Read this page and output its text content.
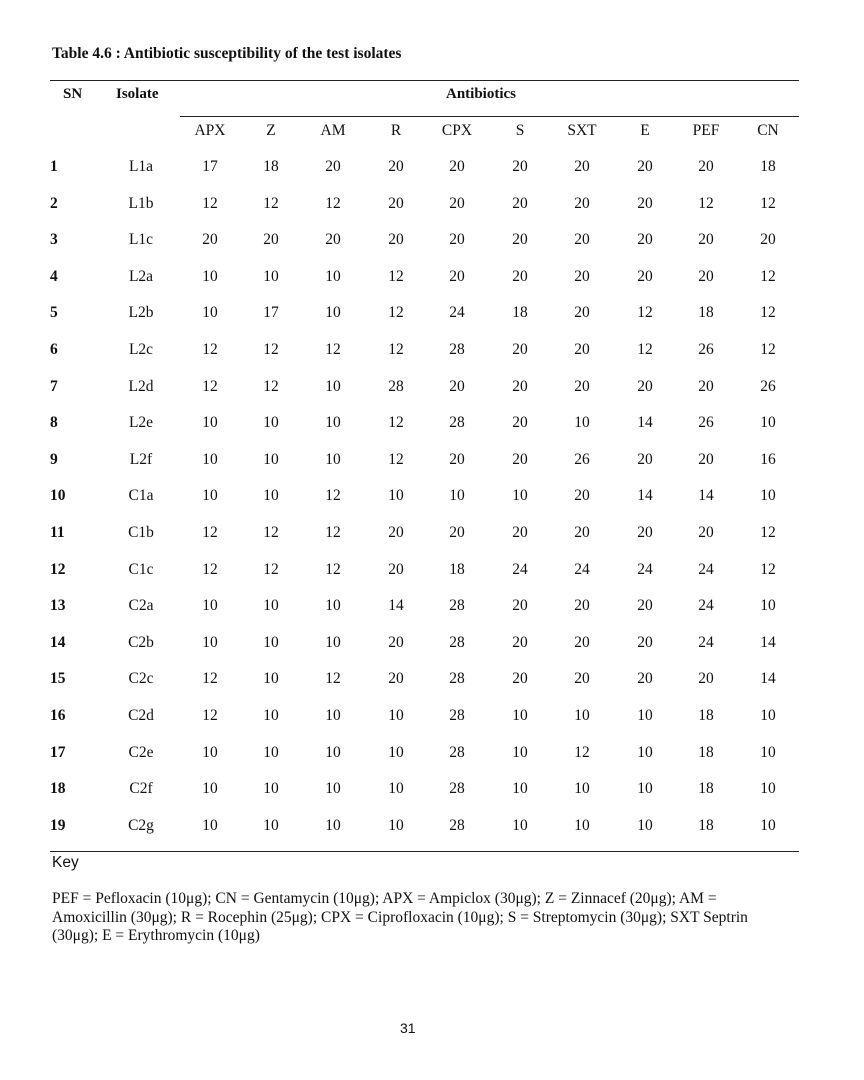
Table 4.6 : Antibiotic susceptibility of the test isolates
SN Isolate	Antibiotics
APX	Z	AM	R	CPX	S	SXT	E	PEF	CN
1	L1a	17	18	20	20	20	20	20	20	20	18
2	L1b	12	12	12	20	20	20	20	20	12	12
3	L1c	20	20	20	20	20	20	20	20	20	20
4	L2a	10	10	10	12	20	20	20	20	20	12
5	L2b	10	17	10	12	24	18	20	12	18	12
6	L2c	12	12	12	12	28	20	20	12	26	12
7	L2d	12	12	10	28	20	20	20	20	20	26
8	L2e	10	10	10	12	28	20	10	14	26	10
9	L2f	10	10	10	12	20	20	26	20	20	16
10	C1a	10	10	12	10	10	10	20	14	14	10
11	C1b	12	12	12	20	20	20	20	20	20	12
12	C1c	12	12	12	20	18	24	24	24	24	12
13	C2a	10	10	10	14	28	20	20	20	24	10
14	C2b	10	10	10	20	28	20	20	20	24	14
15	C2c	12	10	12	20	28	20	20	20	20	14
16	C2d	12	10	10	10	28	10	10	10	18	10
17	C2e	10	10	10	10	28	10	12	10	18	10
18	C2f	10	10	10	10	28	10	10	10	18	10
19	C2g	10	10	10	10	28	10	10	10	18	10
Key
PEF = Pefloxacin (10μg); CN = Gentamycin (10μg); APX = Ampiclox (30μg); Z = Zinnacef (20μg); AM = Amoxicillin (30μg); R = Rocephin (25μg); CPX = Ciprofloxacin (10μg); S = Streptomycin (30μg); SXT Septrin (30μg); E = Erythromycin (10μg)
31
